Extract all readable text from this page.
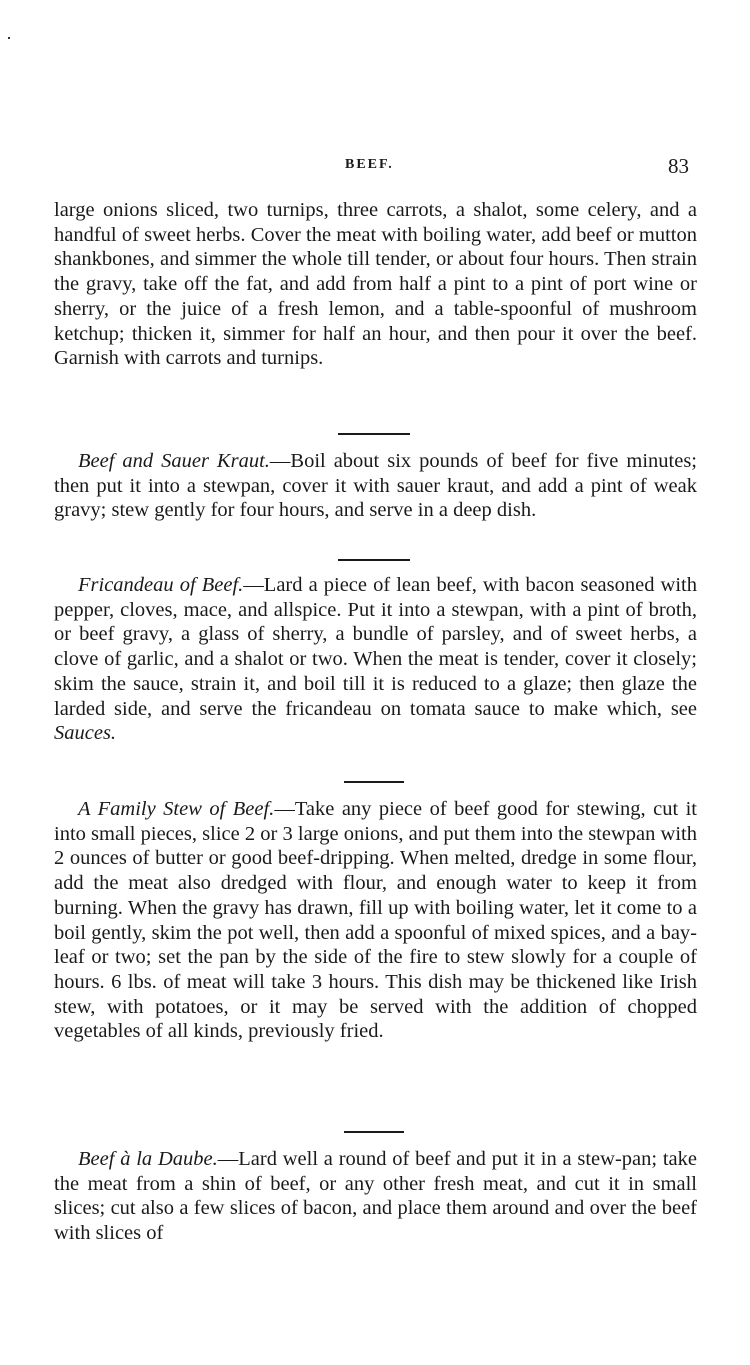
BEEF.	83

large onions sliced, two turnips, three carrots, a shalot, some celery, and a handful of sweet herbs. Cover the meat with boiling water, add beef or mutton shankbones, and simmer the whole till tender, or about four hours. Then strain the gravy, take off the fat, and add from half a pint to a pint of port wine or sherry, or the juice of a fresh lemon, and a table-spoonful of mushroom ketchup; thicken it, simmer for half an hour, and then pour it over the beef. Garnish with carrots and turnips.

Beef and Sauer Kraut.—Boil about six pounds of beef for five minutes; then put it into a stewpan, cover it with sauer kraut, and add a pint of weak gravy; stew gently for four hours, and serve in a deep dish.

Fricandeau of Beef.—Lard a piece of lean beef, with bacon seasoned with pepper, cloves, mace, and allspice. Put it into a stewpan, with a pint of broth, or beef gravy, a glass of sherry, a bundle of parsley, and of sweet herbs, a clove of garlic, and a shalot or two. When the meat is tender, cover it closely; skim the sauce, strain it, and boil till it is reduced to a glaze; then glaze the larded side, and serve the fricandeau on tomata sauce to make which, see Sauces.

A Family Stew of Beef.—Take any piece of beef good for stewing, cut it into small pieces, slice 2 or 3 large onions, and put them into the stewpan with 2 ounces of butter or good beef-dripping. When melted, dredge in some flour, add the meat also dredged with flour, and enough water to keep it from burning. When the gravy has drawn, fill up with boiling water, let it come to a boil gently, skim the pot well, then add a spoonful of mixed spices, and a bay-leaf or two; set the pan by the side of the fire to stew slowly for a couple of hours. 6 lbs. of meat will take 3 hours. This dish may be thickened like Irish stew, with potatoes, or it may be served with the addition of chopped vegetables of all kinds, previously fried.

Beef à la Daube.—Lard well a round of beef and put it in a stew-pan; take the meat from a shin of beef, or any other fresh meat, and cut it in small slices; cut also a few slices of bacon, and place them around and over the beef with slices of
